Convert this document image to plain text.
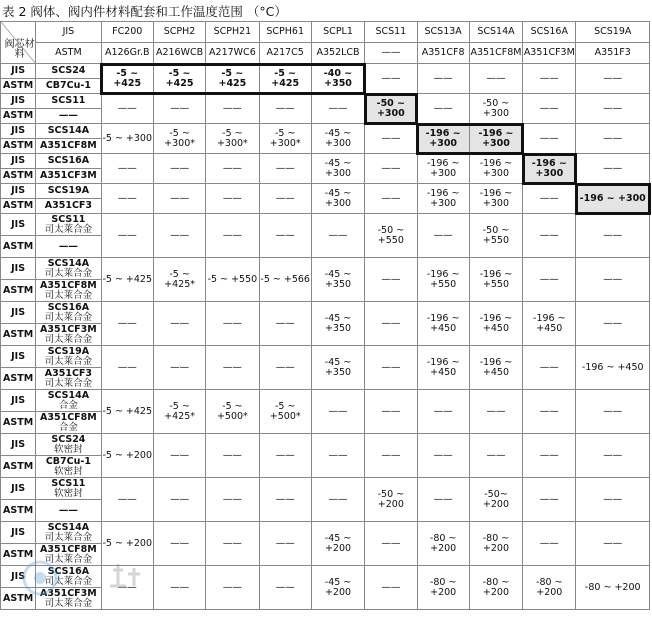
表 2 阀体、阀内件材料配套和工作温度范围 （°C）
阀芯材料	JIS	FC200	SCPH2	SCPH21	SCPH61	SCPL1	SCS11	SCS13A	SCS14A	SCS16A	SCS19A
	ASTM	A126Gr.B	A216WCB	A217WC6	A217C5	A352LCB	——	A351CF8	A351CF8M	A351CF3M	A351F3
JIS	SCS24	-5 ~ +425	-5 ~ +425	-5 ~ +425	-5 ~ +425	-40 ~ +350	——	——	——	——	——
ASTM	CB7Cu-1										
JIS	SCS11	——	——	——	——	——	-50 ~ +300	——	-50 ~ +300	——	——
ASTM	——										
JIS	SCS14A	-5 ~ +300	-5 ~ +300*	-5 ~ +300*	-5 ~ +300*	-45 ~ +300	——	-196 ~ +300	-196 ~ +300	——	——
ASTM	A351CF8M										
JIS	SCS16A	——	——	——	——	-45 ~ +300	——	-196 ~ +300	-196 ~ +300	-196 ~ +300	——
ASTM	A351CF3M										
JIS	SCS19A	——	——	——	——	-45 ~ +300	——	-196 ~ +300	-196 ~ +300	——	-196 ~ +300
ASTM	A351CF3										
JIS	SCS11
司太莱合金	——	——	——	——	——	-50 ~ +550	——	-50 ~ +550	——	——
ASTM	——										
JIS	SCS14A
司太莱合金	-5 ~ +425	-5 ~ +425*	-5 ~ +550	-5 ~ +566	-45 ~ +350	——	-196 ~ +550	-196 ~ +550	——	——
ASTM	A351CF8M
司太莱合金										

JIS	SCS16A
司太莱合金	——	——	——	——	-45 ~ +350	——	-196 ~ +450	-196 ~ +450	-196 ~ +450	——
ASTM	A351CF3M
司太莱合金										

JIS	SCS19A
司太莱合金	——	——	——	——	-45 ~ +350	——	-196 ~ +450	-196 ~ +450	——	-196 ~ +450
ASTM	A351CF3
司太莱合金										

JIS	SCS14A
合金	-5 ~ +425	-5 ~ +425*	-5 ~ +500*	-5 ~ +500*	——	——	——	——	——	——
ASTM	A351CF8M
合金										

JIS	SCS24
软密封	-5 ~ +200	——	——	——	——	——	——	——	——	——
ASTM	CB7Cu-1
软密封										

JIS	SCS11
软密封	——	——	——	——	——	-50 ~ +200	——	-50~ +200	——	——
ASTM	——										
JIS	SCS14A
司太莱合金	-5 ~ +200	——	——	——	-45 ~ +200	——	-80 ~ +200	-80 ~ +200	——	——
ASTM	A351CF8M
司太莱合金										

JIS	SCS16A
司太莱合金	——	——	——	——	-45 ~ +200	——	-80 ~ +200	-80 ~ +200	-80 ~ +200	-80 ~ +200
ASTM	A351CF3M
司太莱合金										
